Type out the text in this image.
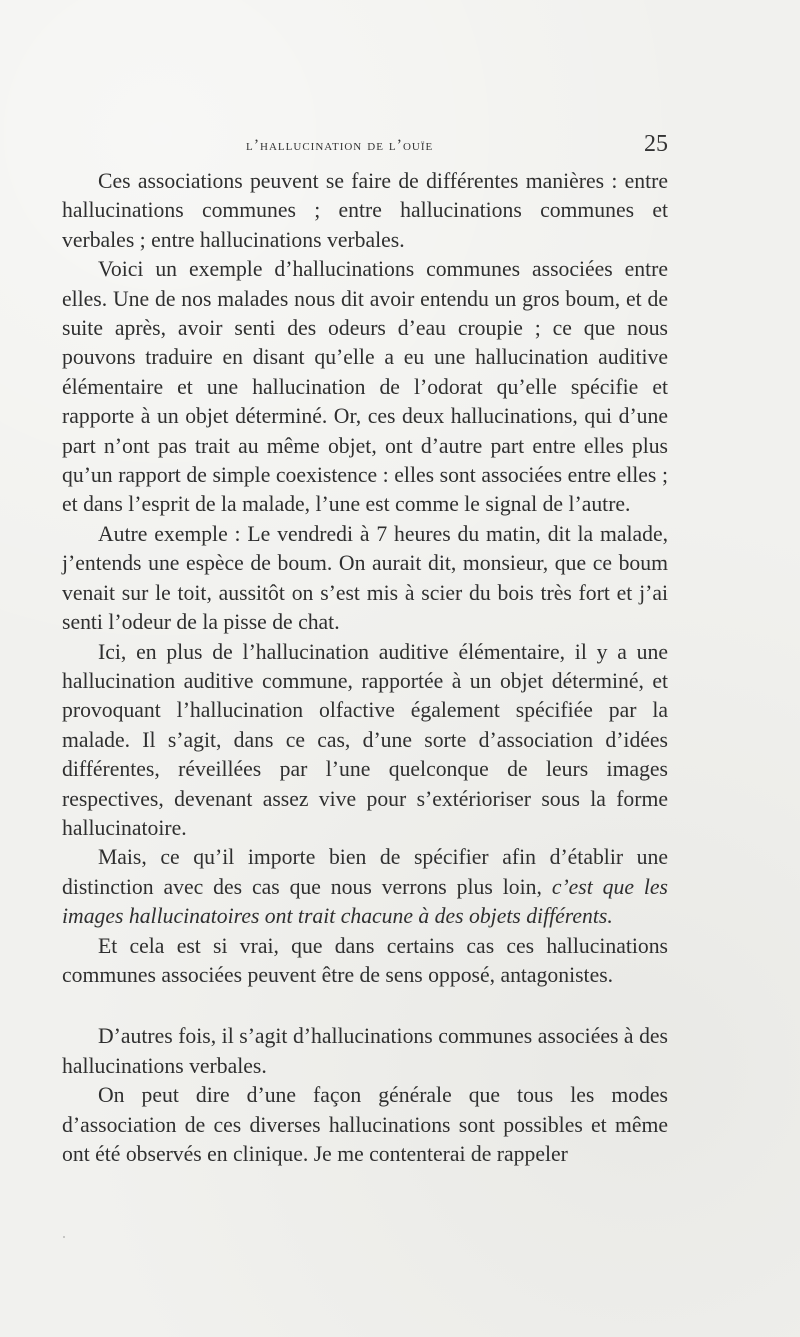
l’hallucination de l’ouïe	25

Ces associations peuvent se faire de différentes manières : entre hallucinations communes ; entre hallucinations communes et verbales ; entre hallucinations verbales.

Voici un exemple d’hallucinations communes associées entre elles. Une de nos malades nous dit avoir entendu un gros boum, et de suite après, avoir senti des odeurs d’eau croupie ; ce que nous pouvons traduire en disant qu’elle a eu une hallucination auditive élémentaire et une hallucination de l’odorat qu’elle spécifie et rapporte à un objet déterminé. Or, ces deux hallucinations, qui d’une part n’ont pas trait au même objet, ont d’autre part entre elles plus qu’un rapport de simple coexistence : elles sont associées entre elles ; et dans l’esprit de la malade, l’une est comme le signal de l’autre.

Autre exemple : Le vendredi à 7 heures du matin, dit la malade, j’entends une espèce de boum. On aurait dit, monsieur, que ce boum venait sur le toit, aussitôt on s’est mis à scier du bois très fort et j’ai senti l’odeur de la pisse de chat.

Ici, en plus de l’hallucination auditive élémentaire, il y a une hallucination auditive commune, rapportée à un objet déterminé, et provoquant l’hallucination olfactive également spécifiée par la malade. Il s’agit, dans ce cas, d’une sorte d’association d’idées différentes, réveillées par l’une quelconque de leurs images respectives, devenant assez vive pour s’extérioriser sous la forme hallucinatoire.

Mais, ce qu’il importe bien de spécifier afin d’établir une distinction avec des cas que nous verrons plus loin, c’est que les images hallucinatoires ont trait chacune à des objets différents.

Et cela est si vrai, que dans certains cas ces hallucinations communes associées peuvent être de sens opposé, antagonistes.

D’autres fois, il s’agit d’hallucinations communes associées à des hallucinations verbales.

On peut dire d’une façon générale que tous les modes d’association de ces diverses hallucinations sont possibles et même ont été observés en clinique. Je me contenterai de rappeler
